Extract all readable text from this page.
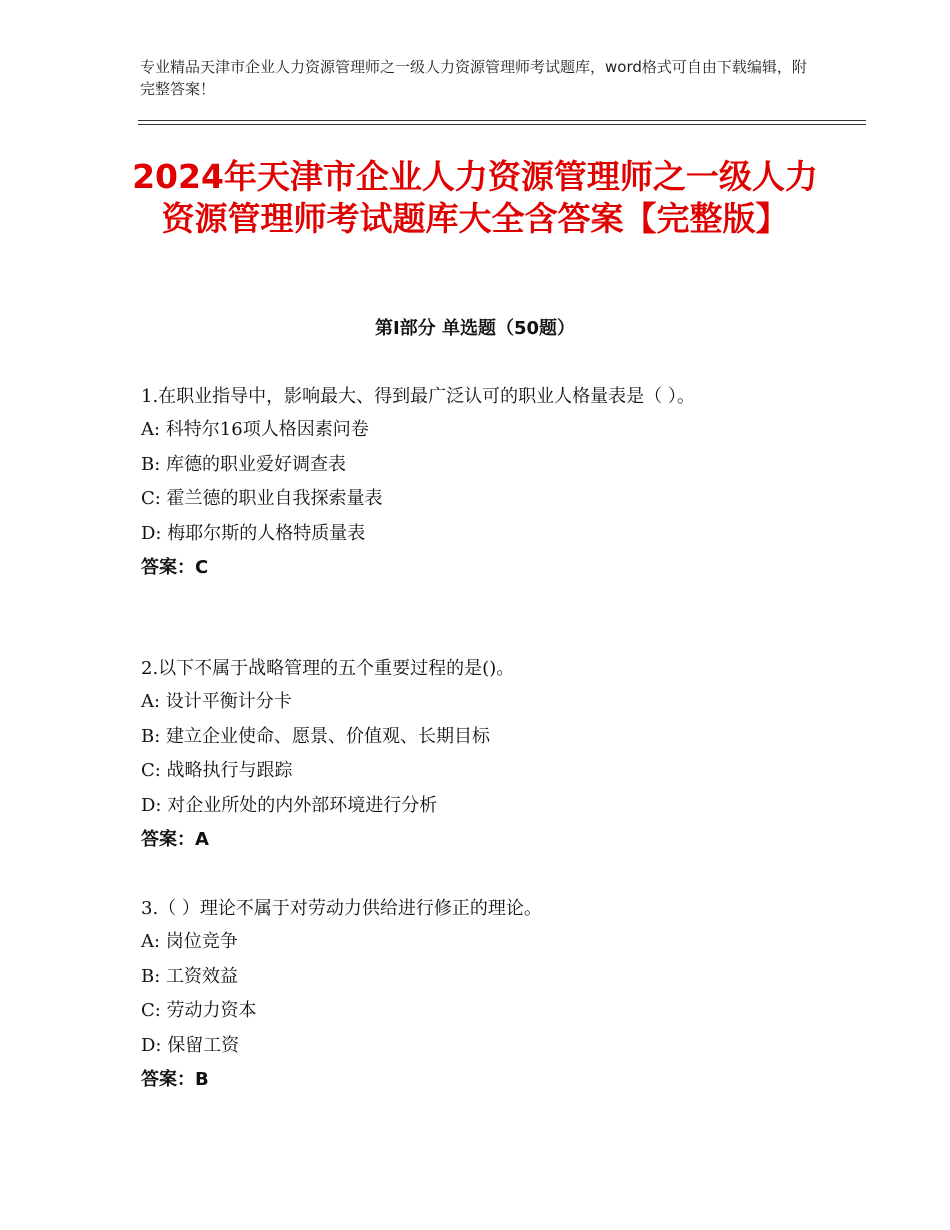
专业精品天津市企业人力资源管理师之一级人力资源管理师考试题库，word格式可自由下载编辑，附完整答案！
2024年天津市企业人力资源管理师之一级人力资源管理师考试题库大全含答案【完整版】
第Ⅰ部分 单选题（50题）

1.在职业指导中，影响最大、得到最广泛认可的职业人格量表是（ ）。

A: 科特尔16项人格因素问卷

B: 库德的职业爱好调查表

C: 霍兰德的职业自我探索量表

D: 梅耶尔斯的人格特质量表

答案：C

2.以下不属于战略管理的五个重要过程的是()。

A: 设计平衡计分卡

B: 建立企业使命、愿景、价值观、长期目标

C: 战略执行与跟踪

D: 对企业所处的内外部环境进行分析

答案：A

3.（ ）理论不属于对劳动力供给进行修正的理论。

A: 岗位竞争

B: 工资效益

C: 劳动力资本

D: 保留工资

答案：B
